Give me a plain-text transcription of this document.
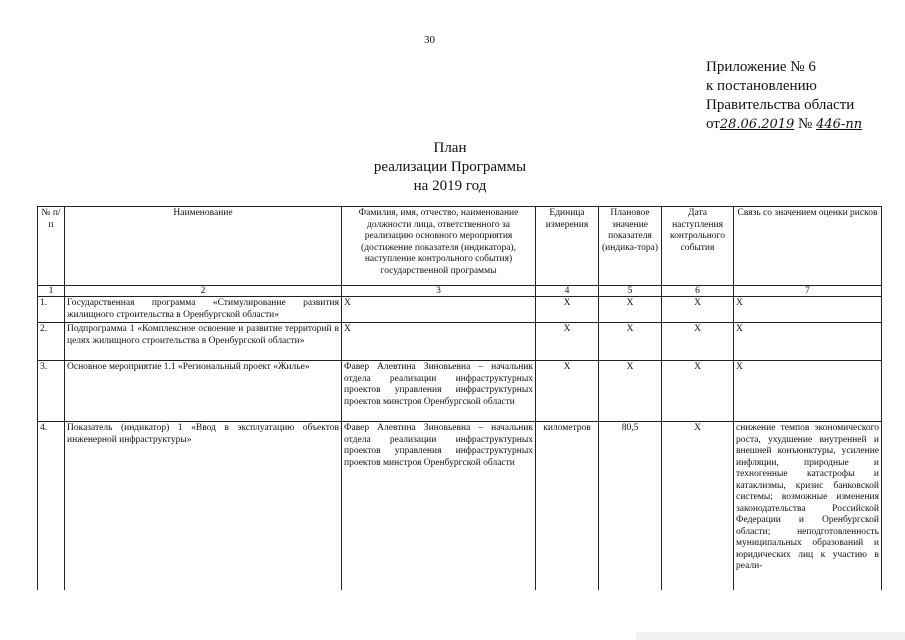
30
Приложение № 6
к постановлению
Правительства области
от28.06.2019 № 446-пп
План
реализации Программы
на 2019 год
№ п/п	Наименование	Фамилия, имя, отчество, наименование должности лица, ответственного за реализацию основного мероприятия (достижение показателя (индикатора), наступление контрольного события) государственной программы	Единица измерения	Плановое значение показателя (индика-тора)	Дата наступления контрольного события	Связь со значением оценки рисков
1	2	3	4	5	6	7
1.	Государственная программа «Стимулирование развития жилищного строительства в Оренбургской области»	X	X	X	X	X
2.	Подпрограмма 1 «Комплексное освоение и развитие территорий в целях жилищного строительства в Оренбургской области»	X	X	X	X	X
3.	Основное мероприятие 1.1 «Региональный проект «Жилье»	Фавер Алевтина Зиновьевна – начальник отдела реализации инфраструктурных проектов управления инфраструктурных проектов минстроя Оренбургской области	X	X	X	X
4.	Показатель (индикатор) 1 «Ввод в эксплуатацию объектов инженерной инфраструктуры»	Фавер Алевтина Зиновьевна – начальник отдела реализации инфраструктурных проектов управления инфраструктурных проектов минстроя Оренбургской области	километров	80,5	X	снижение темпов экономического роста, ухудшение внутренней и внешней конъюнктуры, усиление инфляции, природные и техногенные катастрофы и катаклизмы, кризис банковской системы; возможные изменения законодательства Российской Федерации и Оренбургской области; неподготовленность муниципальных образований и юридических лиц к участию в реали-
